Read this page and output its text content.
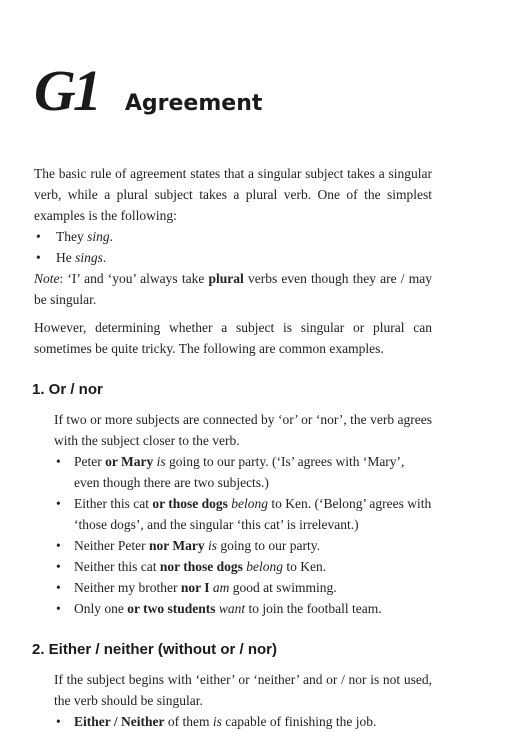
G1 Agreement

The basic rule of agreement states that a singular subject takes a singular verb, while a plural subject takes a plural verb. One of the simplest examples is the following:

• They sing.
• He sings.

Note: ‘I’ and ‘you’ always take plural verbs even though they are / may be singular.

However, determining whether a subject is singular or plural can sometimes be quite tricky. The following are common examples.

1. Or / nor

If two or more subjects are connected by ‘or’ or ‘nor’, the verb agrees with the subject closer to the verb.

• Peter or Mary is going to our party. (‘Is’ agrees with ‘Mary’, even though there are two subjects.)
• Either this cat or those dogs belong to Ken. (‘Belong’ agrees with ‘those dogs’, and the singular ‘this cat’ is irrelevant.)
• Neither Peter nor Mary is going to our party.
• Neither this cat nor those dogs belong to Ken.
• Neither my brother nor I am good at swimming.
• Only one or two students want to join the football team.
2. Either / neither (without or / nor)

If the subject begins with ‘either’ or ‘neither’ and or / nor is not used, the verb should be singular.

• Either / Neither of them is capable of finishing the job.
